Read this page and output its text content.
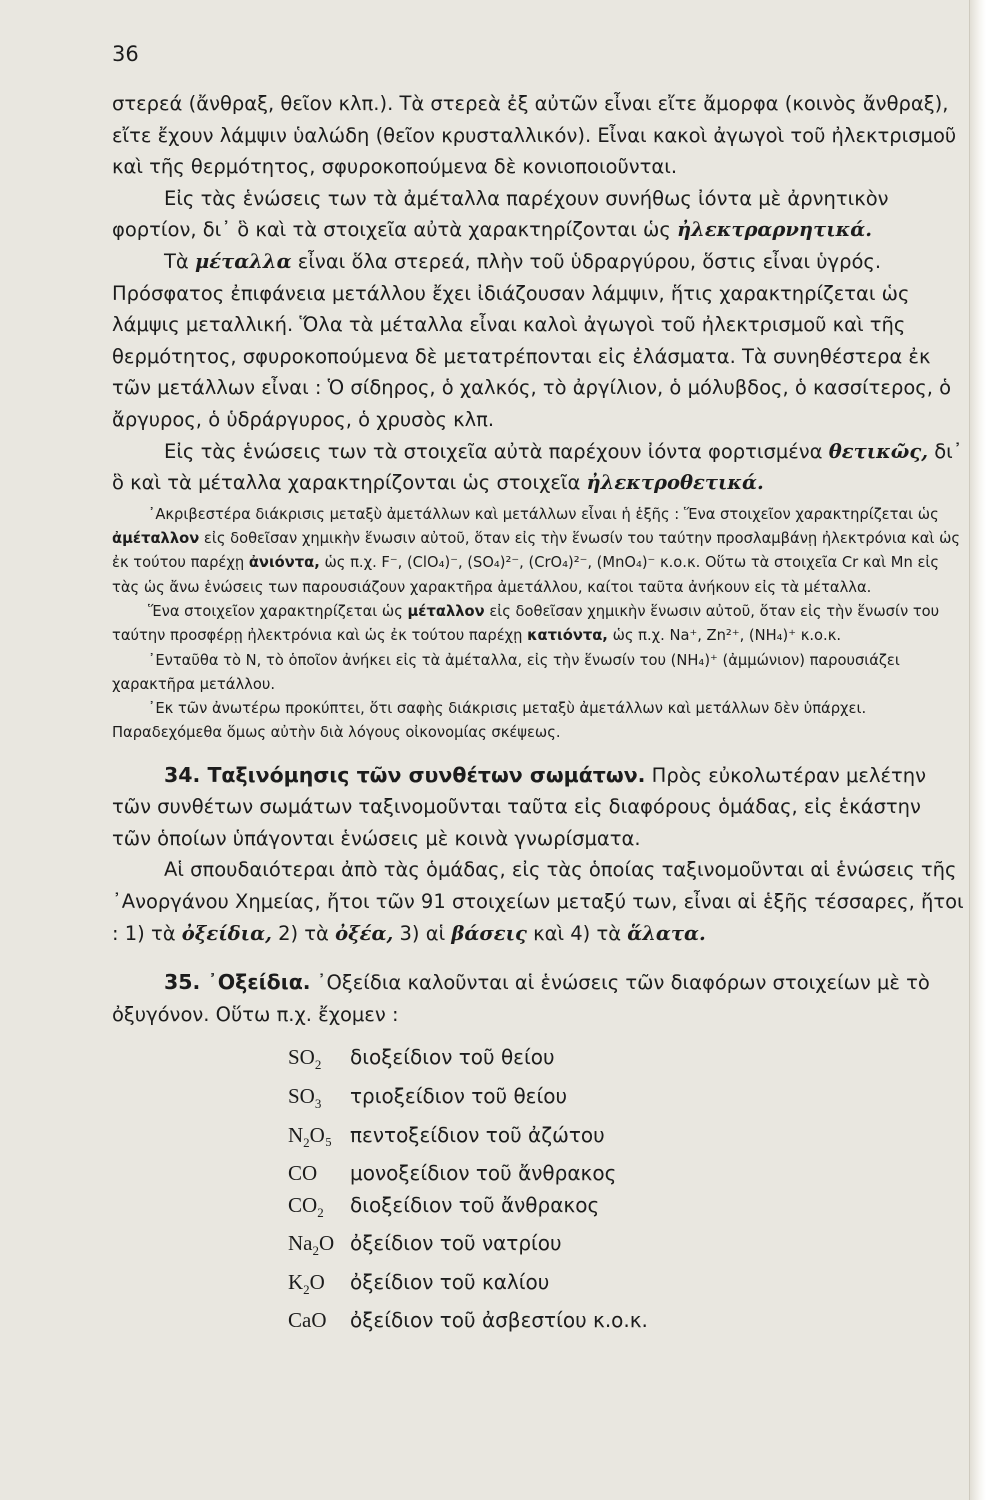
36

στερεά (ἄνθραξ, θεῖον κλπ.). Τὰ στερεὰ ἐξ αὐτῶν εἶναι εἴτε ἄμορφα (κοινὸς ἄνθραξ), εἴτε ἔχουν λάμψιν ὑαλώδη (θεῖον κρυσταλλικόν). Εἶναι κακοὶ ἀγωγοὶ τοῦ ἠλεκτρισμοῦ καὶ τῆς θερμότητος, σφυροκοπούμενα δὲ κονιοποιοῦνται.

Εἰς τὰς ἑνώσεις των τὰ ἀμέταλλα παρέχουν συνήθως ἰόντα μὲ ἀρνητικὸν φορτίον, δι᾽ ὃ καὶ τὰ στοιχεῖα αὐτὰ χαρακτηρίζονται ὡς ἠλεκτραρνητικά.

Τὰ μέταλλα εἶναι ὅλα στερεά, πλὴν τοῦ ὑδραργύρου, ὅστις εἶναι ὑγρός. Πρόσφατος ἐπιφάνεια μετάλλου ἔχει ἰδιάζουσαν λάμψιν, ἥτις χαρακτηρίζεται ὡς λάμψις μεταλλική. Ὅλα τὰ μέταλλα εἶναι καλοὶ ἀγωγοὶ τοῦ ἠλεκτρισμοῦ καὶ τῆς θερμότητος, σφυροκοπούμενα δὲ μετατρέπονται εἰς ἐλάσματα. Τὰ συνηθέστερα ἐκ τῶν μετάλλων εἶναι : Ὁ σίδηρος, ὁ χαλκός, τὸ ἀργίλιον, ὁ μόλυβδος, ὁ κασσίτερος, ὁ ἄργυρος, ὁ ὑδράργυρος, ὁ χρυσὸς κλπ.

Εἰς τὰς ἑνώσεις των τὰ στοιχεῖα αὐτὰ παρέχουν ἰόντα φορτισμένα θετικῶς, δι᾽ ὃ καὶ τὰ μέταλλα χαρακτηρίζονται ὡς στοιχεῖα ἠλεκτροθετικά.

᾽Ακριβεστέρα διάκρισις μεταξὺ ἀμετάλλων καὶ μετάλλων εἶναι ἡ ἑξῆς : Ἕνα στοιχεῖον χαρακτηρίζεται ὡς ἀμέταλλον εἰς δοθεῖσαν χημικὴν ἕνωσιν αὐτοῦ, ὅταν εἰς τὴν ἕνωσίν του ταύτην προσλαμβάνῃ ἠλεκτρόνια καὶ ὡς ἐκ τούτου παρέχῃ ἀνιόντα, ὡς π.χ. F⁻, (ClO₄)⁻, (SO₄)²⁻, (CrO₄)²⁻, (MnO₄)⁻ κ.ο.κ. Οὕτω τὰ στοιχεῖα Cr καὶ Mn εἰς τὰς ὡς ἄνω ἑνώσεις των παρουσιάζουν χαρακτῆρα ἀμετάλλου, καίτοι ταῦτα ἀνήκουν εἰς τὰ μέταλλα.

Ἕνα στοιχεῖον χαρακτηρίζεται ὡς μέταλλον εἰς δοθεῖσαν χημικὴν ἕνωσιν αὐτοῦ, ὅταν εἰς τὴν ἕνωσίν του ταύτην προσφέρῃ ἠλεκτρόνια καὶ ὡς ἐκ τούτου παρέχῃ κατιόντα, ὡς π.χ. Na⁺, Zn²⁺, (NH₄)⁺ κ.ο.κ.

᾽Ενταῦθα τὸ N, τὸ ὁποῖον ἀνήκει εἰς τὰ ἀμέταλλα, εἰς τὴν ἕνωσίν του (NH₄)⁺ (ἀμμώνιον) παρουσιάζει χαρακτῆρα μετάλλου.

᾽Εκ τῶν ἀνωτέρω προκύπτει, ὅτι σαφὴς διάκρισις μεταξὺ ἀμετάλλων καὶ μετάλλων δὲν ὑπάρχει. Παραδεχόμεθα ὅμως αὐτὴν διὰ λόγους οἰκονομίας σκέψεως.

34. Ταξινόμησις τῶν συνθέτων σωμάτων. Πρὸς εὐκολωτέραν μελέτην τῶν συνθέτων σωμάτων ταξινομοῦνται ταῦτα εἰς διαφόρους ὁμάδας, εἰς ἑκάστην τῶν ὁποίων ὑπάγονται ἑνώσεις μὲ κοινὰ γνωρίσματα.

Αἱ σπουδαιότεραι ἀπὸ τὰς ὁμάδας, εἰς τὰς ὁποίας ταξινομοῦνται αἱ ἑνώσεις τῆς ᾽Ανοργάνου Χημείας, ἤτοι τῶν 91 στοιχείων μεταξύ των, εἶναι αἱ ἑξῆς τέσσαρες, ἤτοι : 1) τὰ ὀξείδια, 2) τὰ ὀξέα, 3) αἱ βάσεις καὶ 4) τὰ ἅλατα.

35. ᾽Οξείδια. ᾽Οξείδια καλοῦνται αἱ ἑνώσεις τῶν διαφόρων στοιχείων μὲ τὸ ὀξυγόνον. Οὕτω π.χ. ἔχομεν :

$SO_2$	διοξείδιον τοῦ θείου
$SO_3$	τριοξείδιον τοῦ θείου
$N_2O_5$ πεντοξείδιον τοῦ ἀζώτου
CO	μονοξείδιον τοῦ ἄνθρακος
$CO_2$	διοξείδιον τοῦ ἄνθρακος
$Na_2O$ ὀξείδιον τοῦ νατρίου
$K_2O$	ὀξείδιον τοῦ καλίου
CaO	ὀξείδιον τοῦ ἀσβεστίου κ.ο.κ.
